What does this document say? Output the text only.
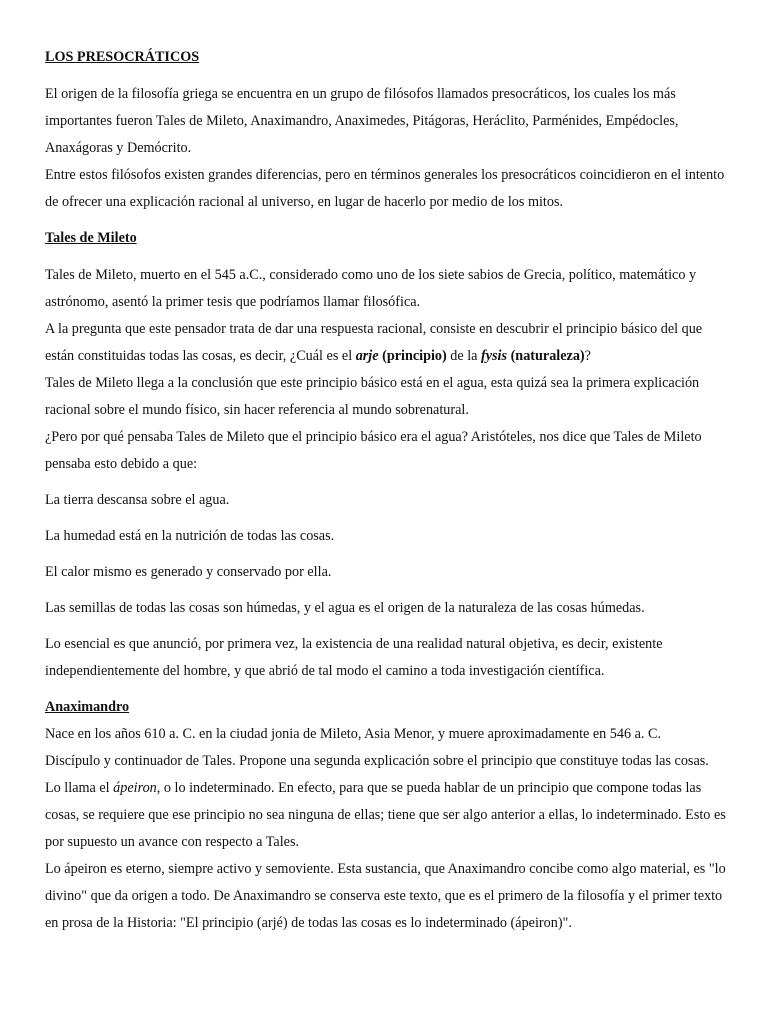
LOS PRESOCRÁTICOS

El origen de la filosofía griega se encuentra en un grupo de filósofos llamados presocráticos, los cuales los más importantes fueron Tales de Mileto, Anaximandro, Anaximedes, Pitágoras, Heráclito, Parménides, Empédocles, Anaxágoras y Demócrito.

Entre estos filósofos existen grandes diferencias, pero en términos generales los presocráticos coincidieron en el intento de ofrecer una explicación racional al universo, en lugar de hacerlo por medio de los mitos.

Tales de Mileto

Tales de Mileto, muerto en el 545 a.C., considerado como uno de los siete sabios de Grecia, político, matemático y astrónomo, asentó la primer tesis que podríamos llamar filosófica.

A la pregunta que este pensador trata de dar una respuesta racional, consiste en descubrir el principio básico del que están constituidas todas las cosas, es decir, ¿Cuál es el arje (principio) de la fysis (naturaleza)?

Tales de Mileto llega a la conclusión que este principio básico está en el agua, esta quizá sea la primera explicación racional sobre el mundo físico, sin hacer referencia al mundo sobrenatural.

¿Pero por qué pensaba Tales de Mileto que el principio básico era el agua? Aristóteles, nos dice que Tales de Mileto pensaba esto debido a que:

La tierra descansa sobre el agua.

La humedad está en la nutrición de todas las cosas.

El calor mismo es generado y conservado por ella.

Las semillas de todas las cosas son húmedas, y el agua es el origen de la naturaleza de las cosas húmedas.

Lo esencial es que anunció, por primera vez, la existencia de una realidad natural objetiva, es decir, existente independientemente del hombre, y que abrió de tal modo el camino a toda investigación científica.

Anaximandro

Nace en los años 610 a. C. en la ciudad jonia de Mileto, Asia Menor, y muere aproximadamente en 546 a. C.

Discípulo y continuador de Tales. Propone una segunda explicación sobre el principio que constituye todas las cosas. Lo llama el ápeiron, o lo indeterminado. En efecto, para que se pueda hablar de un principio que compone todas las cosas, se requiere que ese principio no sea ninguna de ellas; tiene que ser algo anterior a ellas, lo indeterminado. Esto es por supuesto un avance con respecto a Tales.

Lo ápeiron es eterno, siempre activo y semoviente. Esta sustancia, que Anaximandro concibe como algo material, es "lo divino" que da origen a todo. De Anaximandro se conserva este texto, que es el primero de la filosofía y el primer texto en prosa de la Historia: "El principio (arjé) de todas las cosas es lo indeterminado (ápeiron)".
